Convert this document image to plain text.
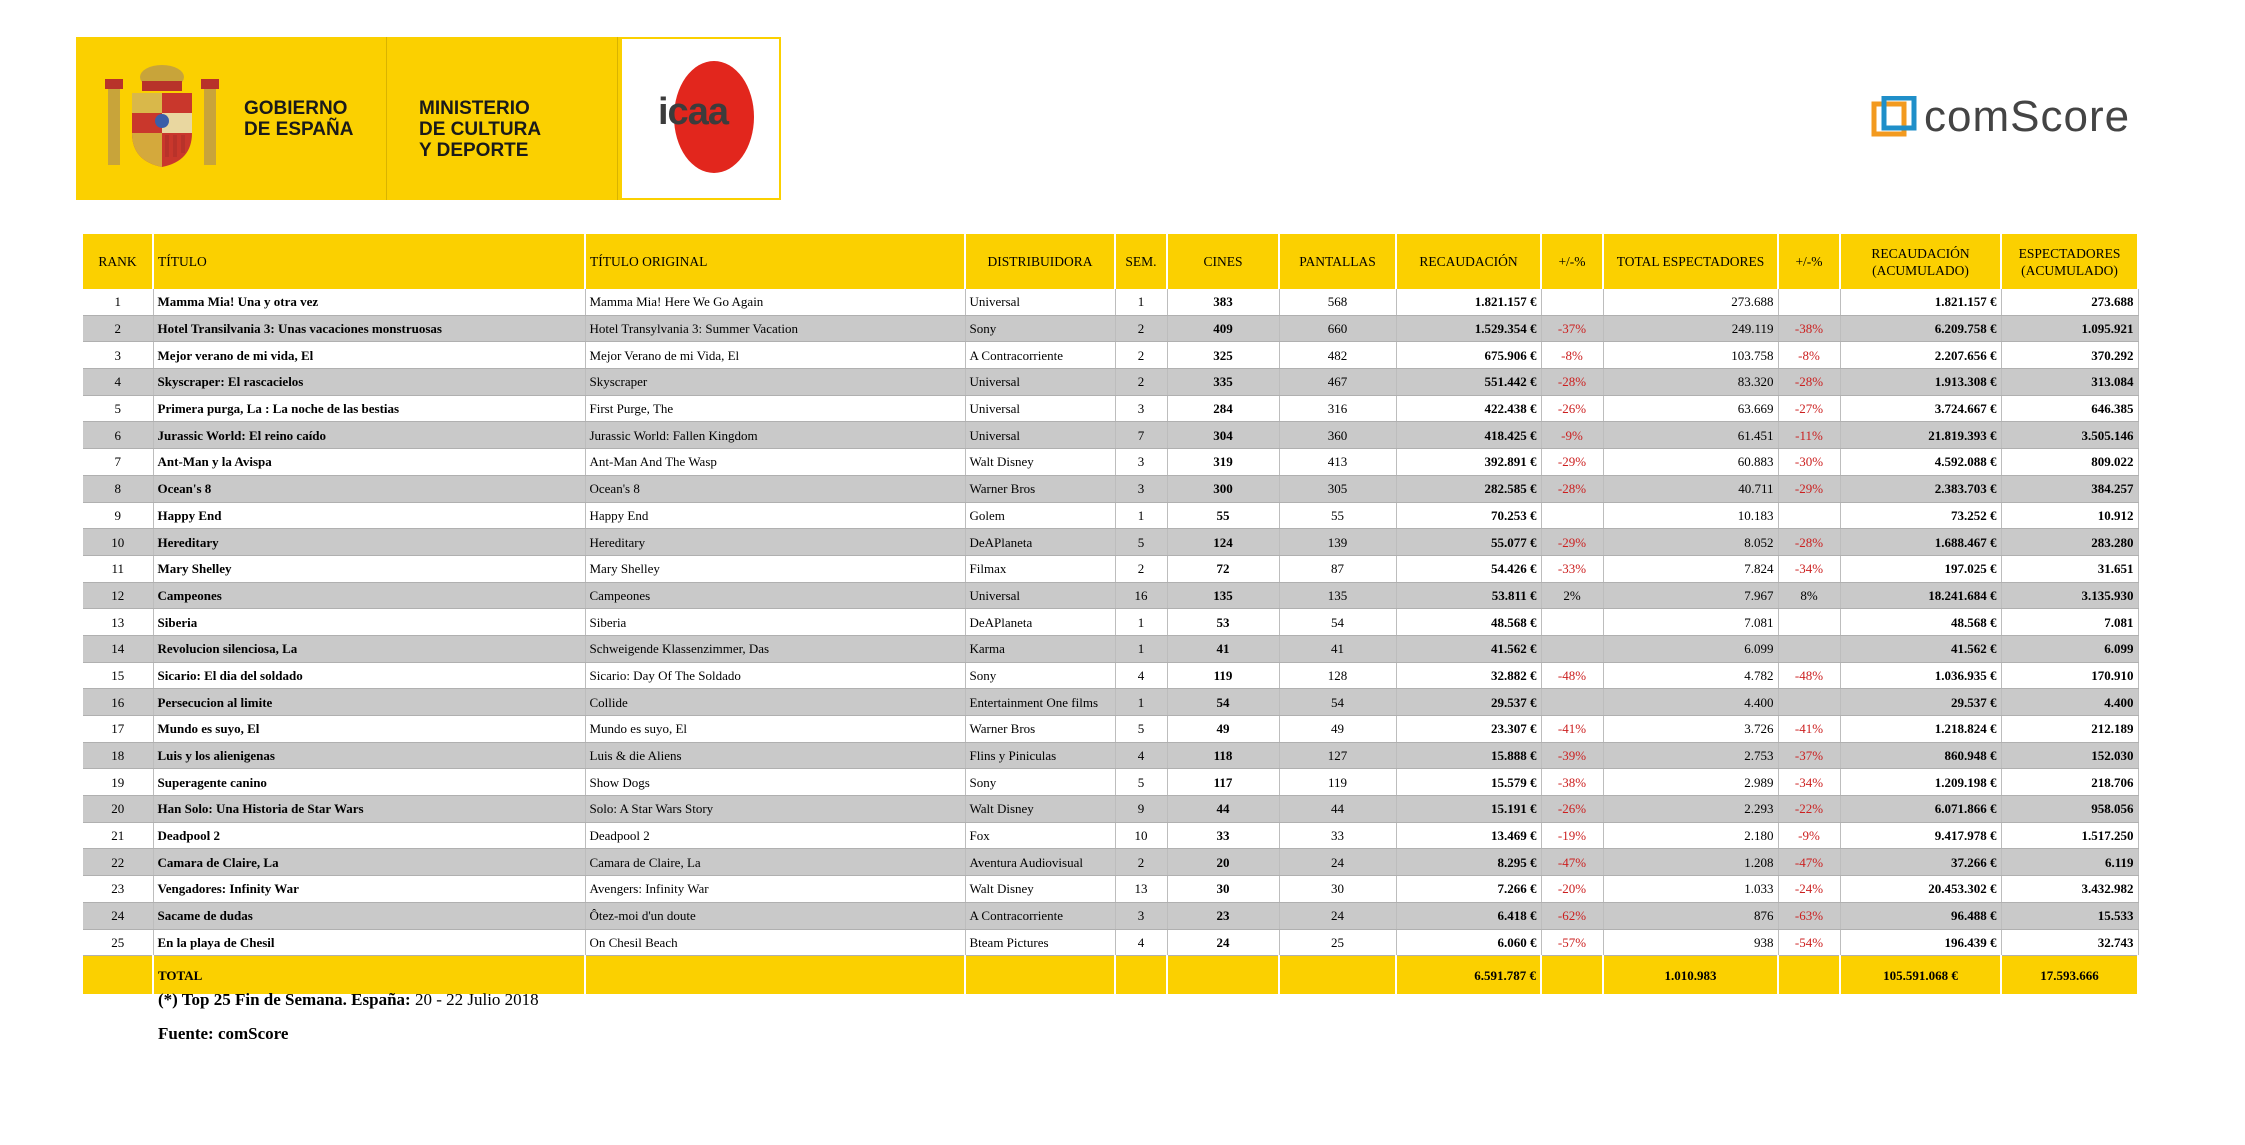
GOBIERNO
DE ESPAÑA
MINISTERIO
DE CULTURA
Y DEPORTE
icaa	comScore
RANK	TÍTULO	TÍTULO ORIGINAL	DISTRIBUIDORA	SEM.	CINES	PANTALLAS	RECAUDACIÓN	+/-%	TOTAL ESPECTADORES	+/-%	RECAUDACIÓN (ACUMULADO)	ESPECTADORES (ACUMULADO)
1	Mamma Mia! Una y otra vez	Mamma Mia! Here We Go Again	Universal	1	383	568	1.821.157 €		273.688		1.821.157 €	273.688
2	Hotel Transilvania 3: Unas vacaciones monstruosas	Hotel Transylvania 3: Summer Vacation	Sony	2	409	660	1.529.354 €	-37%	249.119	-38%	6.209.758 €	1.095.921
3	Mejor verano de mi vida, El	Mejor Verano de mi Vida, El	A Contracorriente	2	325	482	675.906 €	-8%	103.758	-8%	2.207.656 €	370.292
4	Skyscraper: El rascacielos	Skyscraper	Universal	2	335	467	551.442 €	-28%	83.320	-28%	1.913.308 €	313.084
5	Primera purga, La : La noche de las bestias	First Purge, The	Universal	3	284	316	422.438 €	-26%	63.669	-27%	3.724.667 €	646.385
6	Jurassic World: El reino caído	Jurassic World: Fallen Kingdom	Universal	7	304	360	418.425 €	-9%	61.451	-11%	21.819.393 €	3.505.146
7	Ant-Man y la Avispa	Ant-Man And The Wasp	Walt Disney	3	319	413	392.891 €	-29%	60.883	-30%	4.592.088 €	809.022
8	Ocean's 8	Ocean's 8	Warner Bros	3	300	305	282.585 €	-28%	40.711	-29%	2.383.703 €	384.257
9	Happy End	Happy End	Golem	1	55	55	70.253 €		10.183		73.252 €	10.912
10	Hereditary	Hereditary	DeAPlaneta	5	124	139	55.077 €	-29%	8.052	-28%	1.688.467 €	283.280
11	Mary Shelley	Mary Shelley	Filmax	2	72	87	54.426 €	-33%	7.824	-34%	197.025 €	31.651
12	Campeones	Campeones	Universal	16	135	135	53.811 €	2%	7.967	8%	18.241.684 €	3.135.930
13	Siberia	Siberia	DeAPlaneta	1	53	54	48.568 €		7.081		48.568 €	7.081
14	Revolucion silenciosa, La	Schweigende Klassenzimmer, Das	Karma	1	41	41	41.562 €		6.099		41.562 €	6.099
15	Sicario: El dia del soldado	Sicario: Day Of The Soldado	Sony	4	119	128	32.882 €	-48%	4.782	-48%	1.036.935 €	170.910
16	Persecucion al limite	Collide	Entertainment One films	1	54	54	29.537 €		4.400		29.537 €	4.400
17	Mundo es suyo, El	Mundo es suyo, El	Warner Bros	5	49	49	23.307 €	-41%	3.726	-41%	1.218.824 €	212.189
18	Luis y los alienigenas	Luis & die Aliens	Flins y Piniculas	4	118	127	15.888 €	-39%	2.753	-37%	860.948 €	152.030
19	Superagente canino	Show Dogs	Sony	5	117	119	15.579 €	-38%	2.989	-34%	1.209.198 €	218.706
20	Han Solo: Una Historia de Star Wars	Solo: A Star Wars Story	Walt Disney	9	44	44	15.191 €	-26%	2.293	-22%	6.071.866 €	958.056
21	Deadpool 2	Deadpool 2	Fox	10	33	33	13.469 €	-19%	2.180	-9%	9.417.978 €	1.517.250
22	Camara de Claire, La	Camara de Claire, La	Aventura Audiovisual	2	20	24	8.295 €	-47%	1.208	-47%	37.266 €	6.119
23	Vengadores: Infinity War	Avengers: Infinity War	Walt Disney	13	30	30	7.266 €	-20%	1.033	-24%	20.453.302 €	3.432.982
24	Sacame de dudas	Ôtez-moi d'un doute	A Contracorriente	3	23	24	6.418 €	-62%	876	-63%	96.488 €	15.533
25	En la playa de Chesil	On Chesil Beach	Bteam Pictures	4	24	25	6.060 €	-57%	938	-54%	196.439 €	32.743
	TOTAL						6.591.787 €		1.010.983		105.591.068 €	17.593.666
(*) Top 25 Fin de Semana. España: 20 - 22 Julio 2018
Fuente: comScore
